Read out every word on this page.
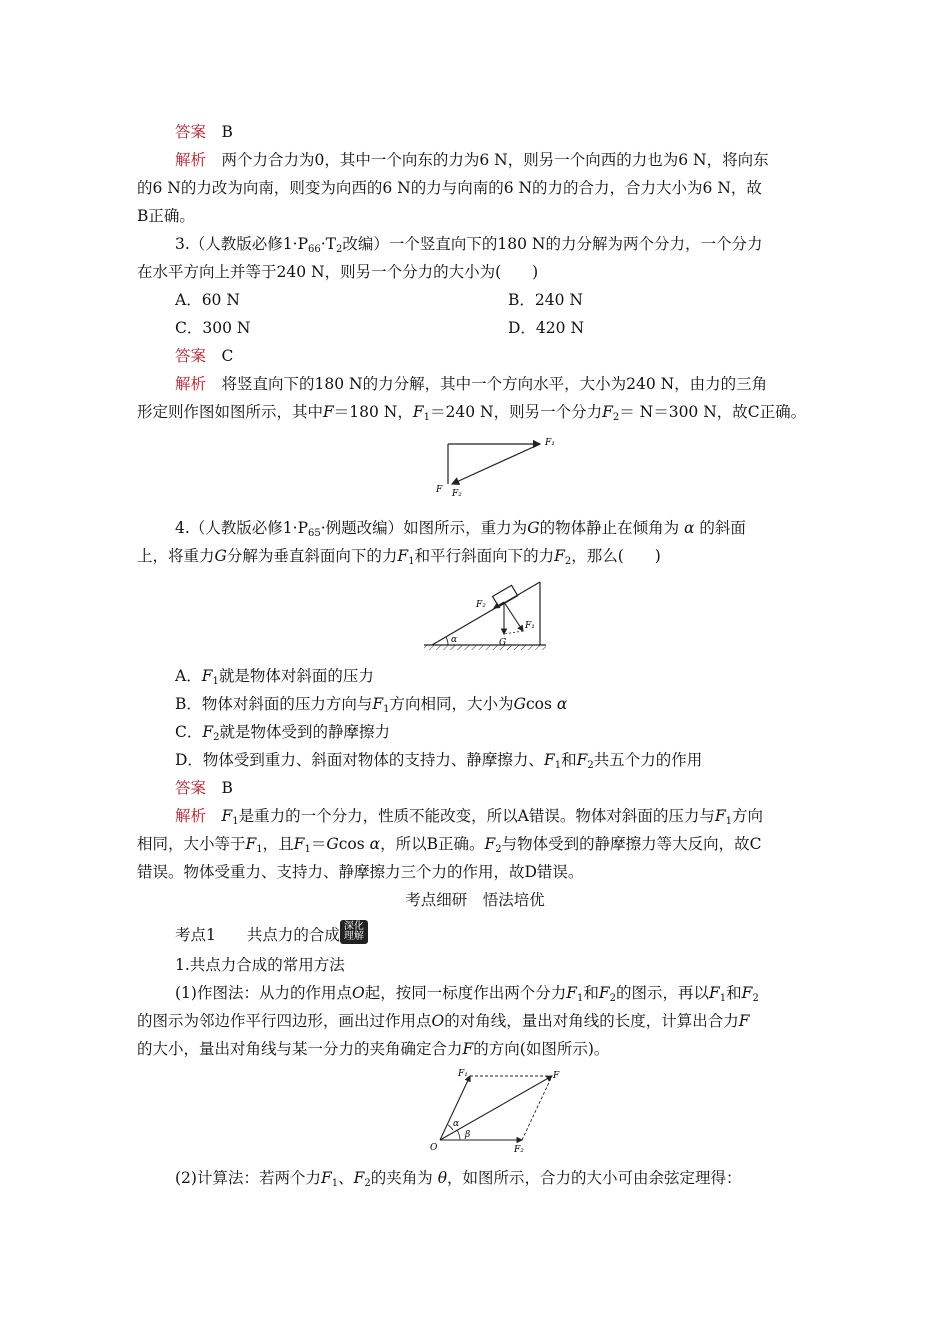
答案　 B
解析　 两个力合力为0，其中一个向东的力为6 N，则另一个向西的力也为6 N，将向东
的6 N的力改为向南，则变为向西的6 N的力与向南的6 N的力的合力，合力大小为6 N，故
B正确。
3.（人教版必修$1\cdot P_{66}\cdot T_2$改编）一个竖直向下的180 N的力分解为两个分力，一个分力
在水平方向上并等于240 N，则另一个分力的大小为(　　)
A．60 N	B．240 N
C．300 N	D．420 N
答案　 C
解析　 将竖直向下的180 N的力分解，其中一个方向水平，大小为240 N，由力的三角
形定则作图如图所示，其中F＝180 N，$F_1=240$ N，则另一个分力$F_2= N=300$ N，故C正确。
F₁
F F₂
4.（人教版必修$1\cdot P_{65}\cdot$例题改编）如图所示，重力为G的物体静止在倾角为 α 的斜面
上，将重力G分解为垂直斜面向下的力$F_1$和平行斜面向下的力$F_2$，那么(　　)
F₂
F₁
G
α
A．$F_1$就是物体对斜面的压力
B．物体对斜面的压力方向与$F_1$方向相同，大小为Gcos α
C．$F_2$就是物体受到的静摩擦力
D．物体受到重力、斜面对物体的支持力、静摩擦力、$F_1$和$F_2$共五个力的作用
答案　 B
解析　 $F_1$是重力的一个分力，性质不能改变，所以A错误。物体对斜面的压力与$F_1$方向
相同，大小等于$F_1$，且$F_1=Gcos$ α，所以B正确。$F_2$与物体受到的静摩擦力等大反向，故C
错误。物体受重力、支持力、静摩擦力三个力的作用，故D错误。
考点细研　悟法培优
考点1　　 共点力的合成 深化
理解
1.共点力合成的常用方法
(1)作图法：从力的作用点O起，按同一标度作出两个分力$F_1$和$F_2$的图示，再以$F_1$和$F_2$
的图示为邻边作平行四边形，画出过作用点O的对角线，量出对角线的长度，计算出合力F
的大小，量出对角线与某一分力的夹角确定合力F的方向(如图所示)。
F₁	F
F₂
O
α
β
(2)计算法：若两个力$F_1$、$F_2$的夹角为 θ，如图所示，合力的大小可由余弦定理得：
